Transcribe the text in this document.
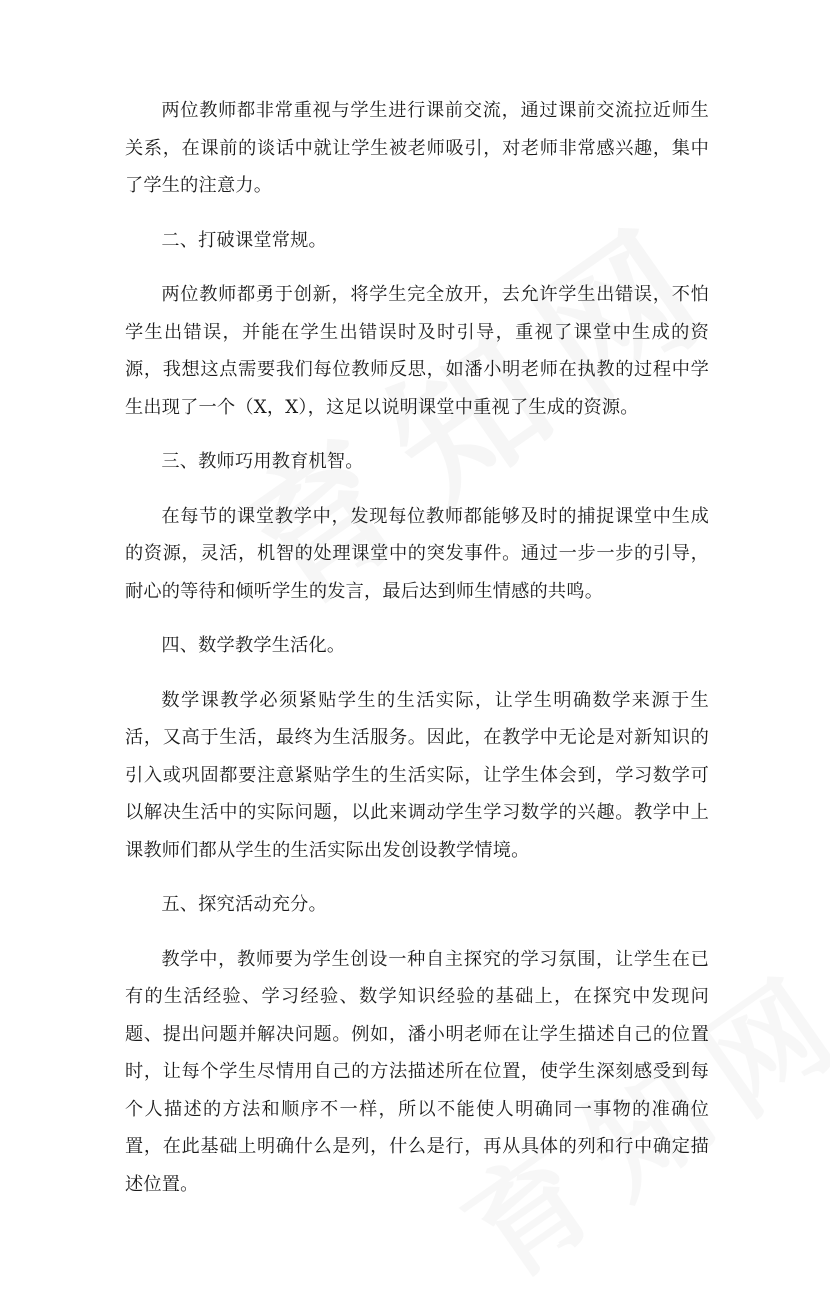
两位教师都非常重视与学生进行课前交流，通过课前交流拉近师生关系，在课前的谈话中就让学生被老师吸引，对老师非常感兴趣，集中了学生的注意力。

二、打破课堂常规。

两位教师都勇于创新，将学生完全放开，去允许学生出错误，不怕学生出错误，并能在学生出错误时及时引导，重视了课堂中生成的资源，我想这点需要我们每位教师反思，如潘小明老师在执教的过程中学生出现了一个（X，X），这足以说明课堂中重视了生成的资源。

三、教师巧用教育机智。

在每节的课堂教学中，发现每位教师都能够及时的捕捉课堂中生成的资源，灵活，机智的处理课堂中的突发事件。通过一步一步的引导，耐心的等待和倾听学生的发言，最后达到师生情感的共鸣。

四、数学教学生活化。

数学课教学必须紧贴学生的生活实际，让学生明确数学来源于生活，又高于生活，最终为生活服务。因此，在教学中无论是对新知识的引入或巩固都要注意紧贴学生的生活实际，让学生体会到，学习数学可以解决生活中的实际问题，以此来调动学生学习数学的兴趣。教学中上课教师们都从学生的生活实际出发创设教学情境。

五、探究活动充分。

教学中，教师要为学生创设一种自主探究的学习氛围，让学生在已有的生活经验、学习经验、数学知识经验的基础上，在探究中发现问题、提出问题并解决问题。例如，潘小明老师在让学生描述自己的位置时，让每个学生尽情用自己的方法描述所在位置，使学生深刻感受到每个人描述的方法和顺序不一样，所以不能使人明确同一事物的准确位置，在此基础上明确什么是列，什么是行，再从具体的列和行中确定描述位置。
